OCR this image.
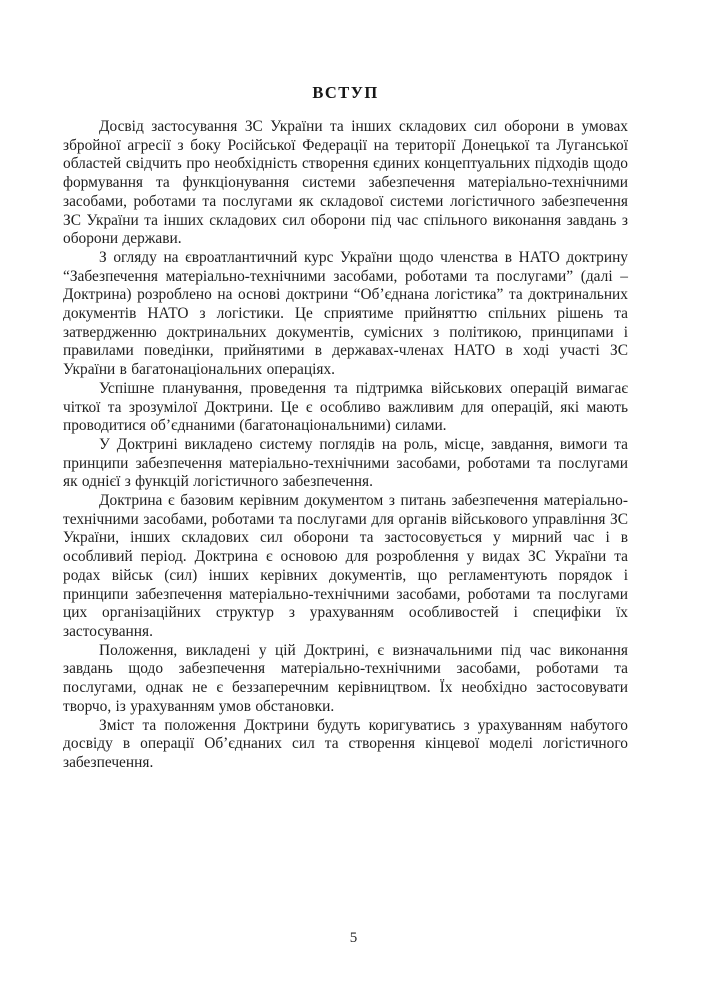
ВСТУП

Досвід застосування ЗС України та інших складових сил оборони в умовах збройної агресії з боку Російської Федерації на території Донецької та Луганської областей свідчить про необхідність створення єдиних концептуальних підходів щодо формування та функціонування системи забезпечення матеріально-технічними засобами, роботами та послугами як складової системи логістичного забезпечення ЗС України та інших складових сил оборони під час спільного виконання завдань з оборони держави.

З огляду на євроатлантичний курс України щодо членства в НАТО доктрину “Забезпечення матеріально-технічними засобами, роботами та послугами” (далі – Доктрина) розроблено на основі доктрини “Об’єднана логістика” та доктринальних документів НАТО з логістики. Це сприятиме прийняттю спільних рішень та затвердженню доктринальних документів, сумісних з політикою, принципами і правилами поведінки, прийнятими в державах-членах НАТО в ході участі ЗС України в багатонаціональних операціях.

Успішне планування, проведення та підтримка військових операцій вимагає чіткої та зрозумілої Доктрини. Це є особливо важливим для операцій, які мають проводитися об’єднаними (багатонаціональними) силами.

У Доктрині викладено систему поглядів на роль, місце, завдання, вимоги та принципи забезпечення матеріально-технічними засобами, роботами та послугами як однієї з функцій логістичного забезпечення.

Доктрина є базовим керівним документом з питань забезпечення матеріально-технічними засобами, роботами та послугами для органів військового управління ЗС України, інших складових сил оборони та застосовується у мирний час і в особливий період. Доктрина є основою для розроблення у видах ЗС України та родах військ (сил) інших керівних документів, що регламентують порядок і принципи забезпечення матеріально-технічними засобами, роботами та послугами цих організаційних структур з урахуванням особливостей і специфіки їх застосування.

Положення, викладені у цій Доктрині, є визначальними під час виконання завдань щодо забезпечення матеріально-технічними засобами, роботами та послугами, однак не є беззаперечним керівництвом. Їх необхідно застосовувати творчо, із урахуванням умов обстановки.

Зміст та положення Доктрини будуть коригуватись з урахуванням набутого досвіду в операції Об’єднаних сил та створення кінцевої моделі логістичного забезпечення.

5
